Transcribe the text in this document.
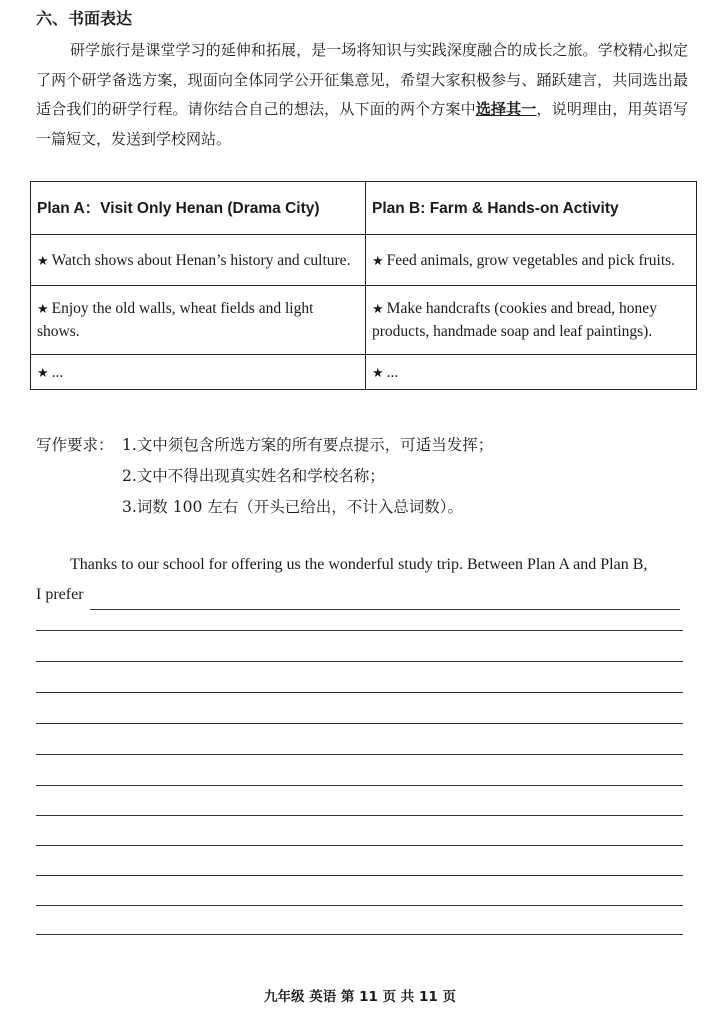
六、书面表达
研学旅行是课堂学习的延伸和拓展，是一场将知识与实践深度融合的成长之旅。学校精心拟定了两个研学备选方案，现面向全体同学公开征集意见，希望大家积极参与、踊跃建言，共同选出最适合我们的研学行程。请你结合自己的想法，从下面的两个方案中选择其一，说明理由，用英语写一篇短文，发送到学校网站。
Plan A：Visit Only Henan (Drama City)	Plan B: Farm & Hands-on Activity
★ Watch shows about Henan’s history and culture.	★ Feed animals, grow vegetables and pick fruits.
★ Enjoy the old walls, wheat fields and light shows.	★ Make handcrafts (cookies and bread, honey products, handmade soap and leaf paintings).
★ ...	★ ...
写作要求： 1.文中须包含所选方案的所有要点提示，可适当发挥；
2.文中不得出现真实姓名和学校名称；
3.词数 100 左右（开头已给出，不计入总词数）。
Thanks to our school for offering us the wonderful study trip. Between Plan A and Plan B,
I prefer
九年级 英语 第 11 页 共 11 页
